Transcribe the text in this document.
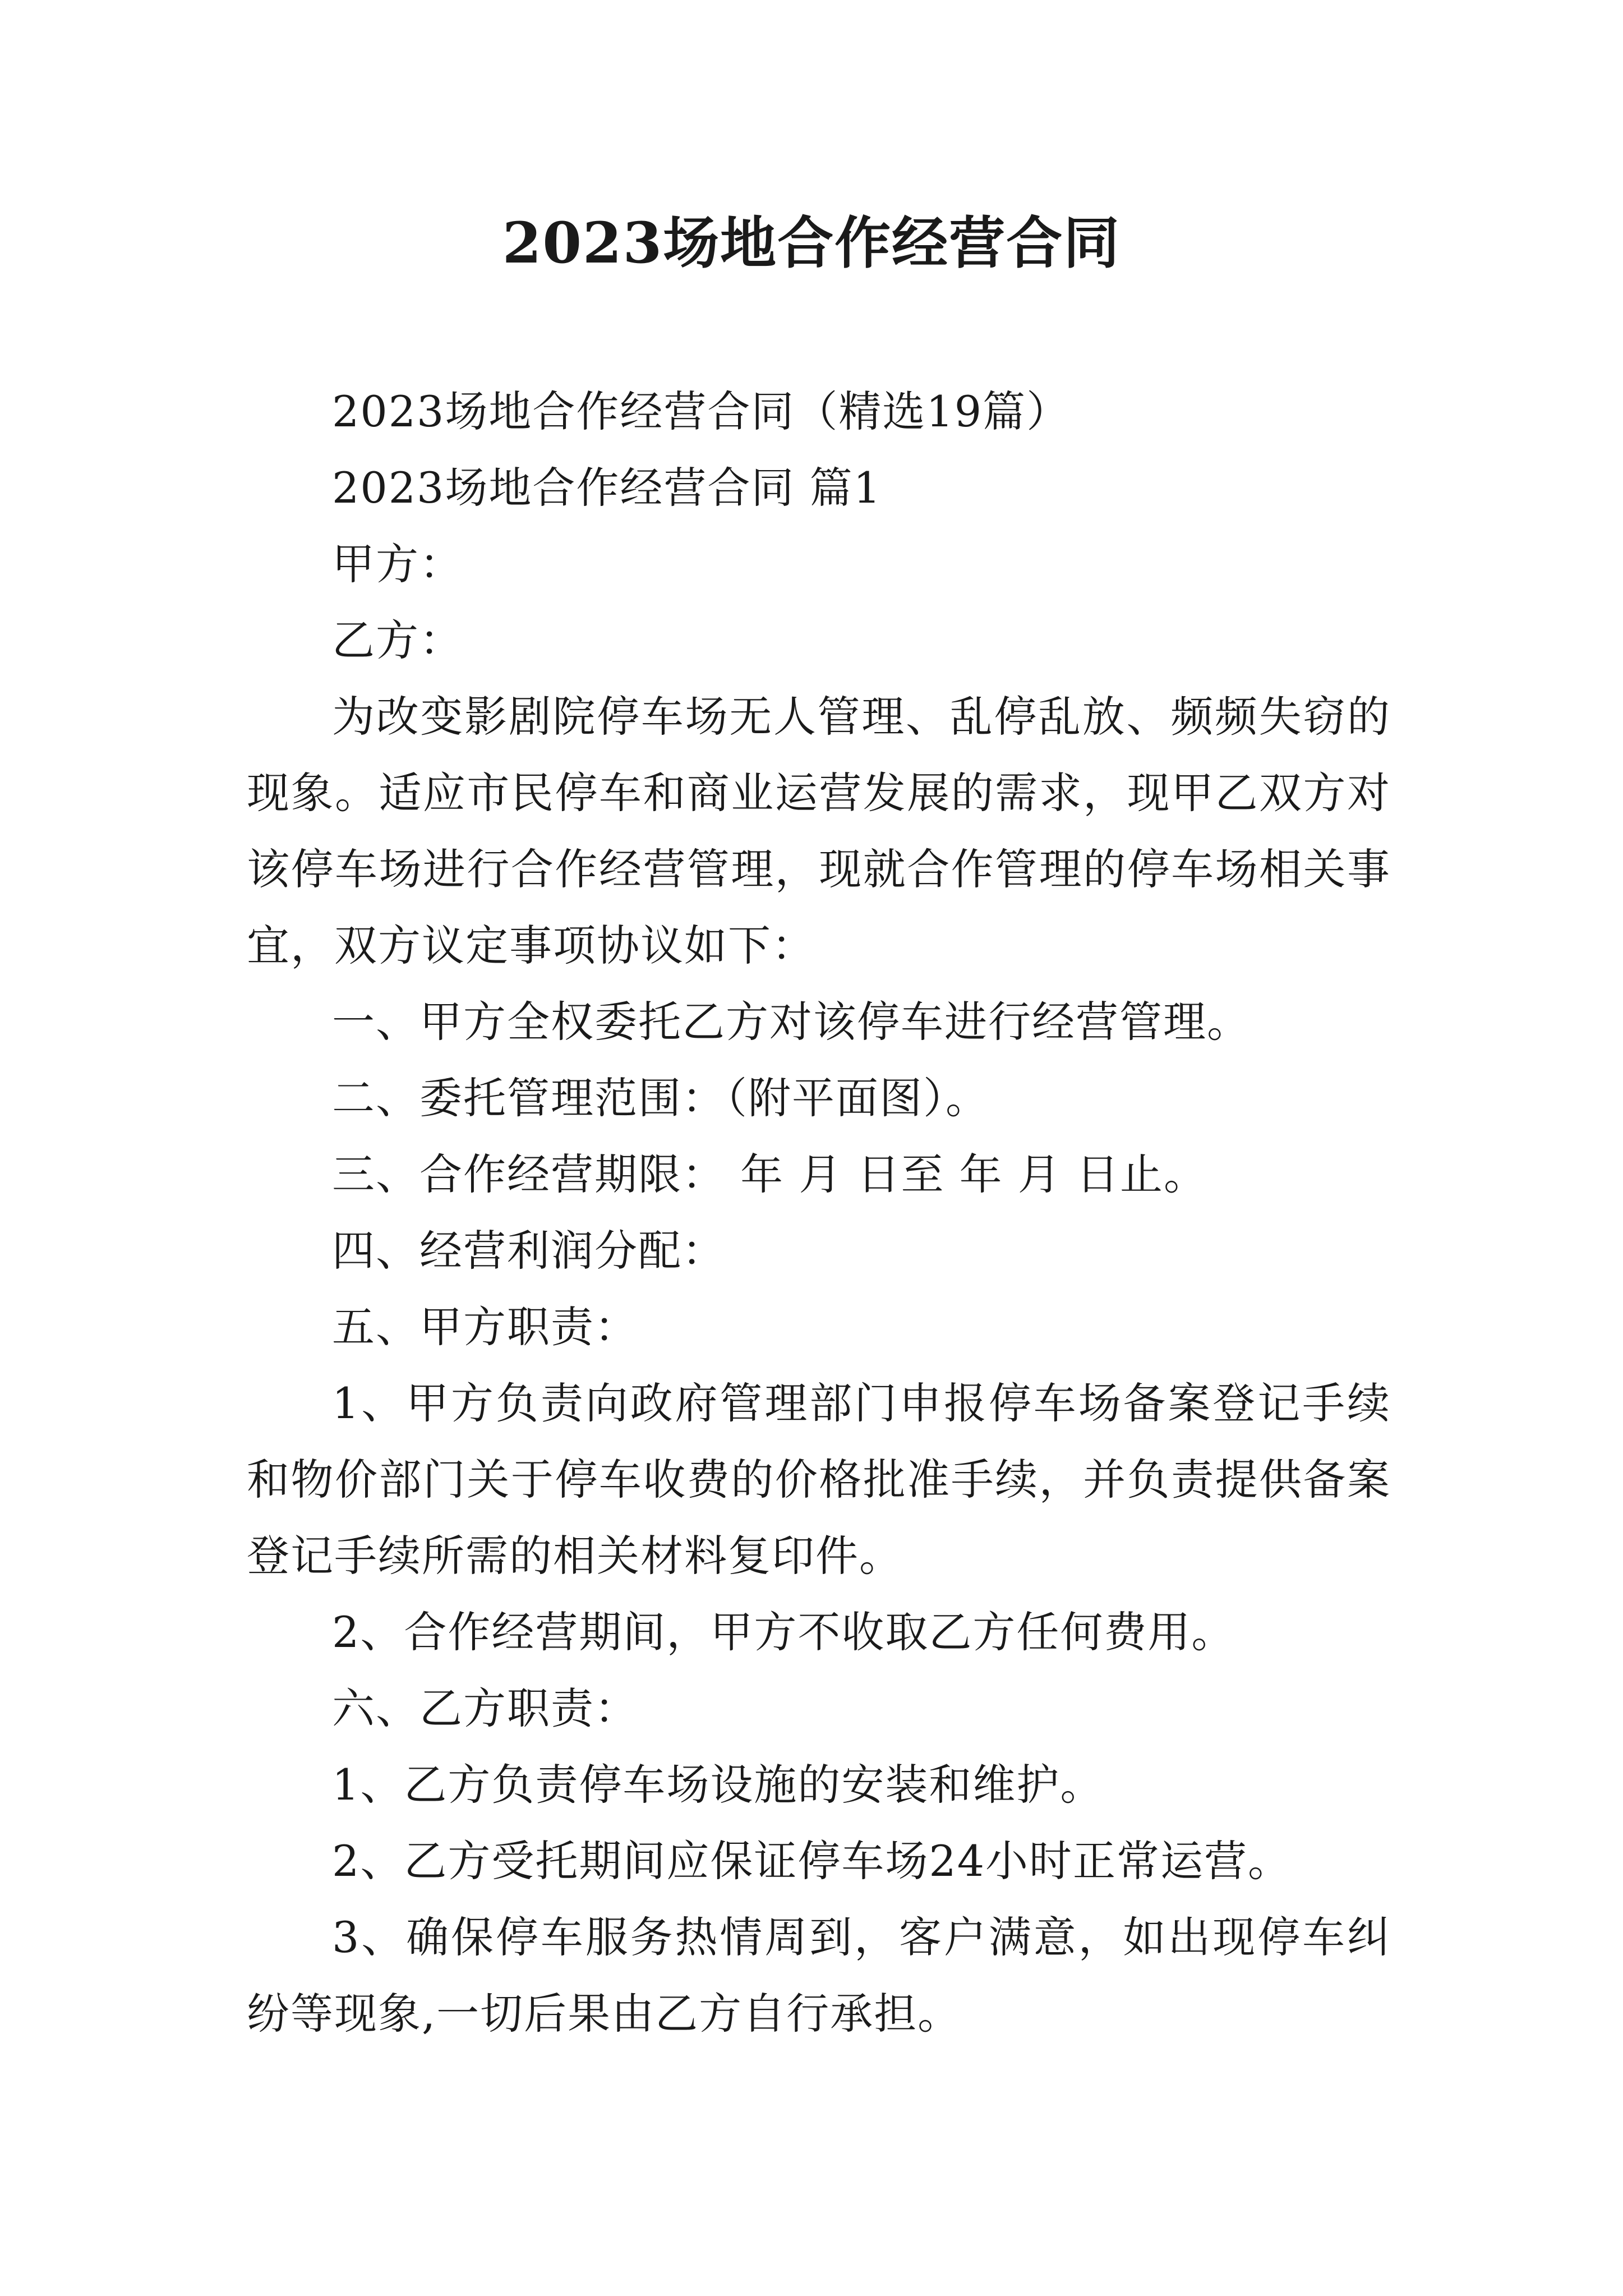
2023场地合作经营合同

2023场地合作经营合同（精选19篇）

2023场地合作经营合同 篇1

甲方：

乙方：

为改变影剧院停车场无人管理、乱停乱放、频频失窃的现象。适应市民停车和商业运营发展的需求，现甲乙双方对该停车场进行合作经营管理，现就合作管理的停车场相关事宜，双方议定事项协议如下：

一、甲方全权委托乙方对该停车进行经营管理。

二、委托管理范围：（附平面图）。

三、合作经营期限： 年 月 日至 年 月 日止。

四、经营利润分配：

五、甲方职责：

1、甲方负责向政府管理部门申报停车场备案登记手续和物价部门关于停车收费的价格批准手续，并负责提供备案登记手续所需的相关材料复印件。

2、合作经营期间，甲方不收取乙方任何费用。

六、乙方职责：

1、乙方负责停车场设施的安装和维护。

2、乙方受托期间应保证停车场24小时正常运营。

3、确保停车服务热情周到，客户满意，如出现停车纠纷等现象,一切后果由乙方自行承担。
